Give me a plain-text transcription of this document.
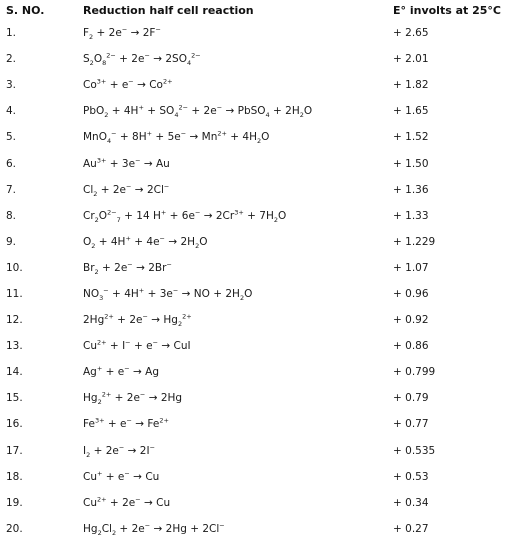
S. NO.	Reduction half cell reaction	E° involts at 25°C
1.	$F_2 + 2e^- \to 2F^-$	+ 2.65
2.	$S_2O_8^{2-} + 2e^- \to 2SO_4^{2-}$	+ 2.01
3.	$Co^{3+} + e^- \to Co^{2+}$	+ 1.82
4.	$PbO_2 + 4H^+ + SO_4^{2-} + 2e^-$ → PbSO$_4$ + $2H_2O$	+ 1.65
5.	$MnO_4^- + 8H^+ + 5e^- \to Mn^{2+} + 4H_2O$	+ 1.52
6.	$Au^{3+} + 3e^- \to Au$	+ 1.50
7.	$Cl_2 + 2e^- \to 2Cl^-$	+ 1.36
8.	$Cr_2O^{2-}_7 + 14$ $H^+ + 6e^- \to 2Cr^{3+} + 7H_2O$	+ 1.33
9.	$O_2 + 4H^+ + 4e^- \to 2H_2O$	+ 1.229
10.	$Br_2 + 2e^- \to 2Br^-$	+ 1.07
11.	$NO_3^- + 4H^+ + 3e^-$ → NO + $2H_2O$	+ 0.96
12.	$2Hg^{2+} + 2e^- \to Hg_2^{2+}$	+ 0.92
13.	$Cu^{2+} + I^- + e^-$ → CuI	+ 0.86
14.	Ag+ + e− → Ag	+ 0.799
15.	$Hg_2^{2+} + 2e^- \to 2Hg$	+ 0.79
16.	$Fe^{3+} + e^- \to Fe^{2+}$	+ 0.77
17.	$I_2 + 2e^- \to 2I^-$	+ 0.535
18.	Cu+ + e− → Cu	+ 0.53
19.	$Cu^{2+} + 2e^- \to Cu$	+ 0.34
20.	$Hg_2Cl_2 + 2e^- \to 2Hg + 2Cl^-$	+ 0.27
